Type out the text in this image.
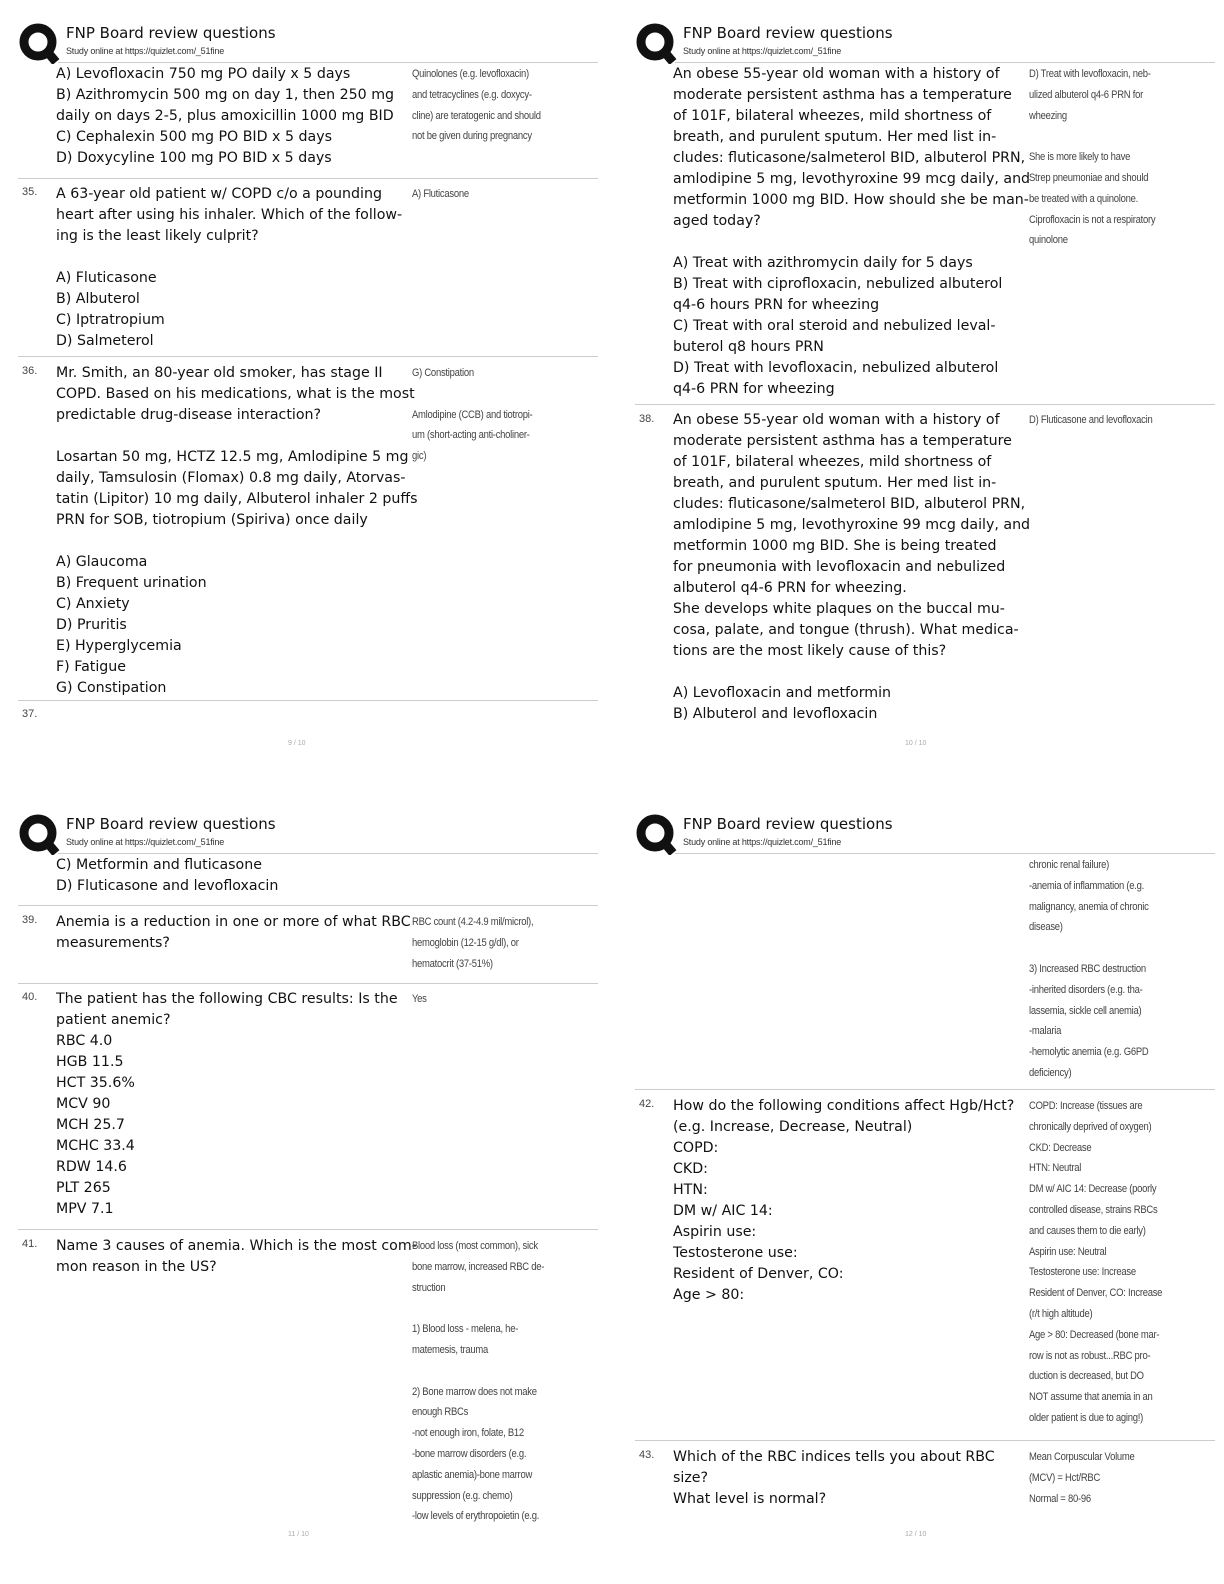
FNP Board review questions
Study online at https://quizlet.com/_51fine
A) Levofloxacin 750 mg PO daily x 5 days
B) Azithromycin 500 mg on day 1, then 250 mg
daily on days 2-5, plus amoxicillin 1000 mg BID
C) Cephalexin 500 mg PO BID x 5 days
D) Doxycyline 100 mg PO BID x 5 days
Quinolones (e.g. levofloxacin)
and tetracyclines (e.g. doxycy-
cline) are teratogenic and should
not be given during pregnancy
35. A 63-year old patient w/ COPD c/o a pounding
heart after using his inhaler. Which of the follow-
ing is the least likely culprit?

A) Fluticasone
B) Albuterol
C) Iptratropium
D) Salmeterol
A) Fluticasone
36. Mr. Smith, an 80-year old smoker, has stage II
COPD. Based on his medications, what is the most
predictable drug-disease interaction?

Losartan 50 mg, HCTZ 12.5 mg, Amlodipine 5 mg
daily, Tamsulosin (Flomax) 0.8 mg daily, Atorvas-
tatin (Lipitor) 10 mg daily, Albuterol inhaler 2 puffs
PRN for SOB, tiotropium (Spiriva) once daily

A) Glaucoma
B) Frequent urination
C) Anxiety
D) Pruritis
E) Hyperglycemia
F) Fatigue
G) Constipation
G) Constipation

Amlodipine (CCB) and tiotropi-
um (short-acting anti-choliner-
gic)
37.
9 / 10
FNP Board review questions
Study online at https://quizlet.com/_51fine
An obese 55-year old woman with a history of
moderate persistent asthma has a temperature
of 101F, bilateral wheezes, mild shortness of
breath, and purulent sputum. Her med list in-
cludes: fluticasone/salmeterol BID, albuterol PRN,
amlodipine 5 mg, levothyroxine 99 mcg daily, and
metformin 1000 mg BID. How should she be man-
aged today?

A) Treat with azithromycin daily for 5 days
B) Treat with ciprofloxacin, nebulized albuterol
q4-6 hours PRN for wheezing
C) Treat with oral steroid and nebulized leval-
buterol q8 hours PRN
D) Treat with levofloxacin, nebulized albuterol
q4-6 PRN for wheezing
D) Treat with levofloxacin, neb-
ulized albuterol q4-6 PRN for
wheezing

She is more likely to have
Strep pneumoniae and should
be treated with a quinolone.
Ciprofloxacin is not a respiratory
quinolone
38. An obese 55-year old woman with a history of
moderate persistent asthma has a temperature
of 101F, bilateral wheezes, mild shortness of
breath, and purulent sputum. Her med list in-
cludes: fluticasone/salmeterol BID, albuterol PRN,
amlodipine 5 mg, levothyroxine 99 mcg daily, and
metformin 1000 mg BID. She is being treated
for pneumonia with levofloxacin and nebulized
albuterol q4-6 PRN for wheezing.
She develops white plaques on the buccal mu-
cosa, palate, and tongue (thrush). What medica-
tions are the most likely cause of this?

A) Levofloxacin and metformin
B) Albuterol and levofloxacin
D) Fluticasone and levofloxacin
10 / 10
FNP Board review questions
Study online at https://quizlet.com/_51fine
C) Metformin and fluticasone
D) Fluticasone and levofloxacin
39. Anemia is a reduction in one or more of what RBC
measurements?
RBC count (4.2-4.9 mil/microl),
hemoglobin (12-15 g/dl), or
hematocrit (37-51%)
40. The patient has the following CBC results: Is the
patient anemic?
RBC 4.0
HGB 11.5
HCT 35.6%
MCV 90
MCH 25.7
MCHC 33.4
RDW 14.6
PLT 265
MPV 7.1
Yes
41. Name 3 causes of anemia. Which is the most com-
mon reason in the US?
Blood loss (most common), sick
bone marrow, increased RBC de-
struction

1) Blood loss - melena, he-
matemesis, trauma

2) Bone marrow does not make
enough RBCs
-not enough iron, folate, B12
-bone marrow disorders (e.g.
aplastic anemia)-bone marrow
suppression (e.g. chemo)
-low levels of erythropoietin (e.g.
11 / 10
FNP Board review questions
Study online at https://quizlet.com/_51fine
chronic renal failure)
-anemia of inflammation (e.g.
malignancy, anemia of chronic
disease)

3) Increased RBC destruction
-inherited disorders (e.g. tha-
lassemia, sickle cell anemia)
-malaria
-hemolytic anemia (e.g. G6PD
deficiency)
42. How do the following conditions affect Hgb/Hct?
(e.g. Increase, Decrease, Neutral)
COPD:
CKD:
HTN:
DM w/ AIC 14:
Aspirin use:
Testosterone use:
Resident of Denver, CO:
Age > 80:
COPD: Increase (tissues are
chronically deprived of oxygen)
CKD: Decrease
HTN: Neutral
DM w/ AIC 14: Decrease (poorly
controlled disease, strains RBCs
and causes them to die early)
Aspirin use: Neutral
Testosterone use: Increase
Resident of Denver, CO: Increase
(r/t high altitude)
Age > 80: Decreased (bone mar-
row is not as robust...RBC pro-
duction is decreased, but DO
NOT assume that anemia in an
older patient is due to aging!)
43. Which of the RBC indices tells you about RBC
size?
What level is normal?
Mean Corpuscular Volume
(MCV) = Hct/RBC
Normal = 80-96
12 / 10
